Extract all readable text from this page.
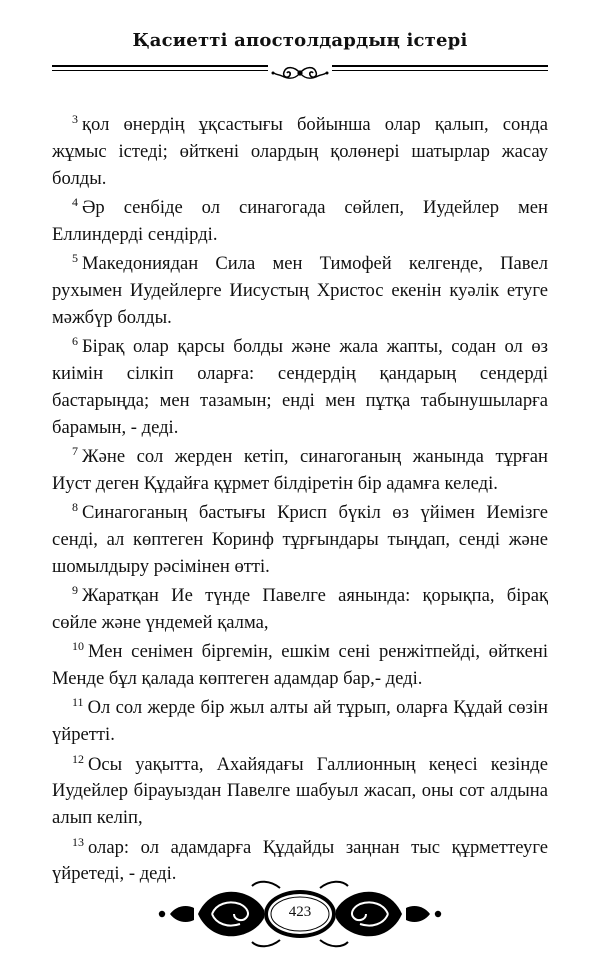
Қасиетті апостолдардың істері

$^3$ қол өнердің ұқсастығы бойынша олар қалып, сонда жұмыс істеді; өйткені олардың қолөнері шатырлар жасау болды.

$^4$ Әр сенбіде ол синагогада сөйлеп, Иудейлер мен Еллиндерді сендірді.

$^5$ Македониядан Сила мен Тимофей келгенде, Павел рухымен Иудейлерге Иисустың Христос екенін куәлік етуге мәжбүр болды.

$^6$ Бірақ олар қарсы болды және жала жапты, содан ол өз киімін сілкіп оларға: сендердің қандарың сендерді бастарыңда; мен тазамын; енді мен пұтқа табынушыларға барамын, - деді.

$^7$ Және сол жерден кетіп, синагоганың жанында тұрған Иуст деген Құдайға құрмет білдіретін бір адамға келеді.

$^8$ Синагоганың бастығы Крисп бүкіл өз үйімен Иемізге сенді, ал көптеген Коринф тұрғындары тыңдап, сенді және шомылдыру рәсімінен өтті.

$^9$ Жаратқан Ие түнде Павелге аянында: қорықпа, бірақ сөйле және үндемей қалма,

$^{10}$ Мен сенімен біргемін, ешкім сені ренжітпейді, өйткені Менде бұл қалада көптеген адамдар бар,- деді.

$^{11}$ Ол сол жерде бір жыл алты ай тұрып, оларға Құдай сөзін үйретті.

$^{12}$ Осы уақытта, Ахайядағы Галлионның кеңесі кезінде Иудейлер бірауыздан Павелге шабуыл жасап, оны сот алдына алып келіп,

$^{13}$ олар: ол адамдарға Құдайды заңнан тыс құрметтеуге үйретеді, - деді.

423
